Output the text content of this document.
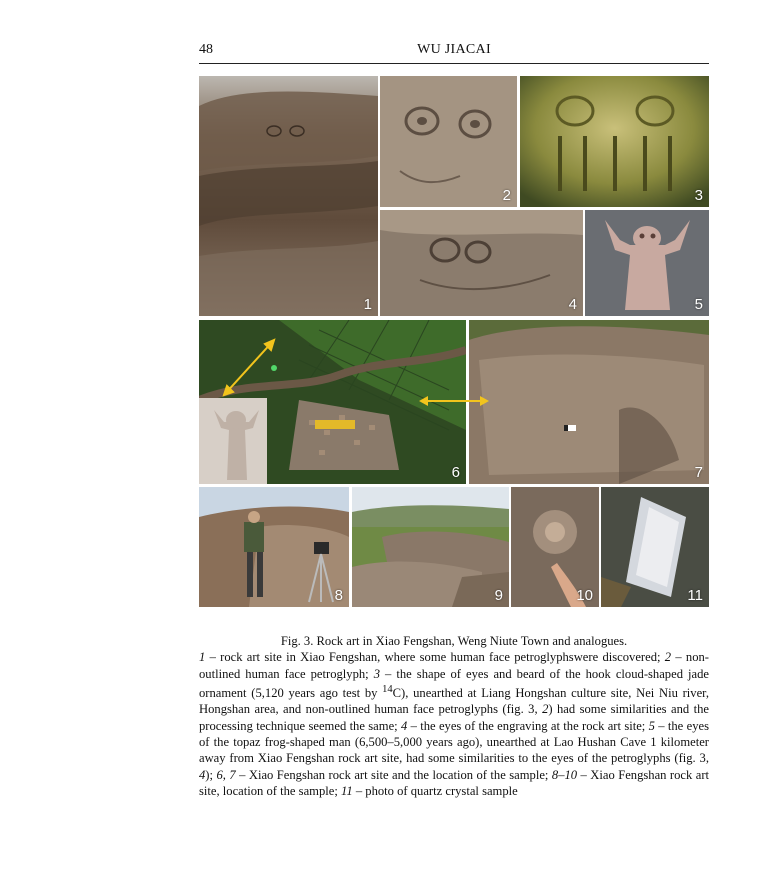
48	WU JIACAI
1
2	3
4	5
6	7
8	9	10	11
Fig. 3. Rock art in Xiao Fengshan, Weng Niute Town and analogues.
1 – rock art site in Xiao Fengshan, where some human face petroglyphswere discovered; 2 – non-outlined human face petroglyph; 3 – the shape of eyes and beard of the hook cloud-shaped jade ornament (5,120 years ago test by $^{14}$C), unearthed at Liang Hongshan culture site, Nei Niu river, Hongshan area, and non-outlined human face petroglyphs (fig. 3, 2) had some similarities and the processing technique seemed the same; 4 – the eyes of the engraving at the rock art site; 5 – the eyes of the topaz frog-shaped man (6,500–5,000 years ago), unearthed at Lao Hushan Cave 1 kilometer away from Xiao Fengshan rock art site, had some similarities to the eyes of the petroglyphs (fig. 3, 4); 6, 7 – Xiao Fengshan rock art site and the location of the sample; 8–10 – Xiao Fengshan rock art site, location of the sample; 11 – photo of quartz crystal sample
